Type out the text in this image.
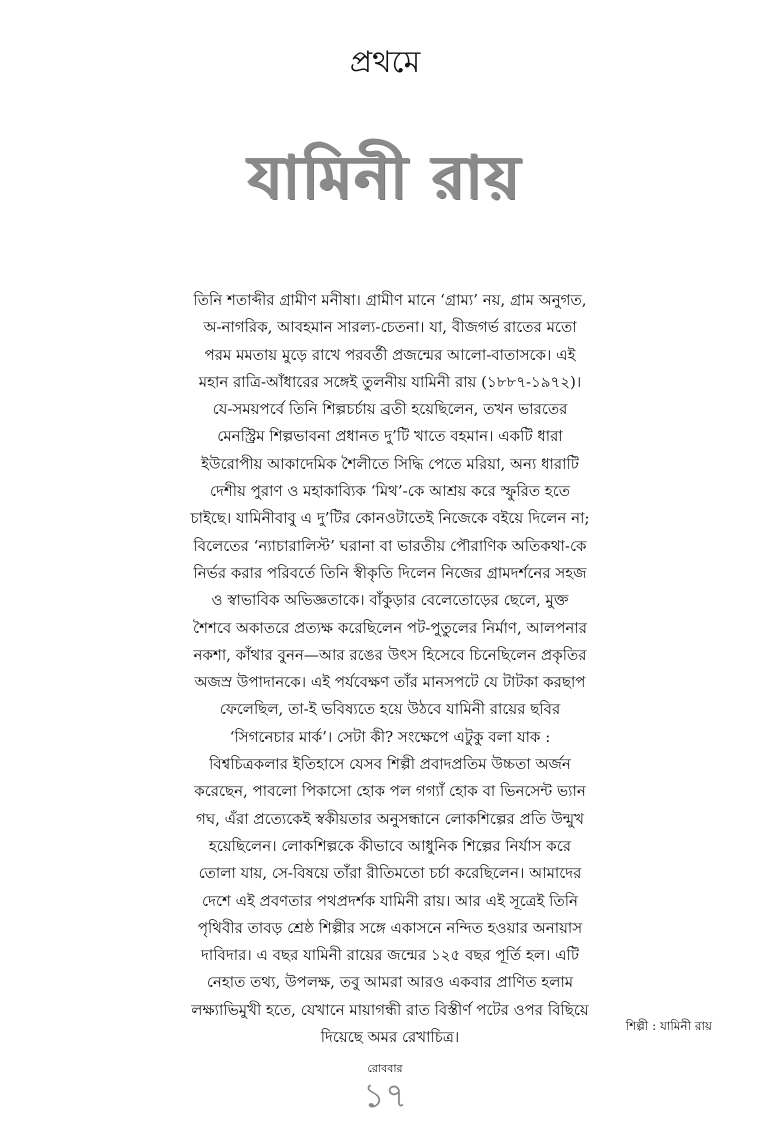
প্রথমে
যামিনী রায়
তিনি শতাব্দীর গ্রামীণ মনীষা। গ্রামীণ মানে ‘গ্রাম্য’ নয়, গ্রাম অনুগত,
অ-নাগরিক, আবহমান সারল্য-চেতনা। যা, বীজগর্ভ রাতের মতো
পরম মমতায় মুড়ে রাখে পরবর্তী প্রজন্মের আলো-বাতাসকে। এই
মহান রাত্রি-আঁধারের সঙ্গেই তুলনীয় যামিনী রায় (১৮৮৭-১৯৭২)।
যে-সময়পর্বে তিনি শিল্পচর্চায় ব্রতী হয়েছিলেন, তখন ভারতের
মেনস্ট্রিম শিল্পভাবনা প্রধানত দু’টি খাতে বহমান। একটি ধারা
ইউরোপীয় আকাদেমিক শৈলীতে সিদ্ধি পেতে মরিয়া, অন্য ধারাটি
দেশীয় পুরাণ ও মহাকাব্যিক ‘মিথ’-কে আশ্রয় করে স্ফুরিত হতে
চাইছে। যামিনীবাবু এ দু’টির কোনওটাতেই নিজেকে বইয়ে দিলেন না;
বিলেতের ‘ন্যাচারালিস্ট’ ঘরানা বা ভারতীয় পৌরাণিক অতিকথা-কে
নির্ভর করার পরিবর্তে তিনি স্বীকৃতি দিলেন নিজের গ্রামদর্শনের সহজ
ও স্বাভাবিক অভিজ্ঞতাকে। বাঁকুড়ার বেলেতোড়ের ছেলে, মুক্ত
শৈশবে অকাতরে প্রত্যক্ষ করেছিলেন পট-পুতুলের নির্মাণ, আলপনার
নকশা, কাঁথার বুনন—আর রঙের উৎস হিসেবে চিনেছিলেন প্রকৃতির
অজস্র উপাদানকে। এই পর্যবেক্ষণ তাঁর মানসপটে যে টাটকা করছাপ
ফেলেছিল, তা-ই ভবিষ্যতে হয়ে উঠবে যামিনী রায়ের ছবির
‘সিগনেচার মার্ক’। সেটা কী? সংক্ষেপে এটুকু বলা যাক :
বিশ্বচিত্রকলার ইতিহাসে যেসব শিল্পী প্রবাদপ্রতিম উচ্চতা অর্জন
করেছেন, পাবলো পিকাসো হোক পল গগ্যাঁ হোক বা ভিনসেন্ট ভ্যান
গঘ, এঁরা প্রত্যেকেই স্বকীয়তার অনুসন্ধানে লোকশিল্পের প্রতি উন্মুখ
হয়েছিলেন। লোকশিল্পকে কীভাবে আধুনিক শিল্পের নির্যাস করে
তোলা যায়, সে-বিষয়ে তাঁরা রীতিমতো চর্চা করেছিলেন। আমাদের
দেশে এই প্রবণতার পথপ্রদর্শক যামিনী রায়। আর এই সূত্রেই তিনি
পৃথিবীর তাবড় শ্রেষ্ঠ শিল্পীর সঙ্গে একাসনে নন্দিত হওয়ার অনায়াস
দাবিদার। এ বছর যামিনী রায়ের জন্মের ১২৫ বছর পূর্তি হল। এটি
নেহাত তথ্য, উপলক্ষ, তবু আমরা আরও একবার প্রাণিত হলাম
লক্ষ্যাভিমুখী হতে, যেখানে মায়াগন্ধী রাত বিস্তীর্ণ পটের ওপর বিছিয়ে
দিয়েছে অমর রেখাচিত্র।
শিল্পী : যামিনী রায়
রোববার
১৭
